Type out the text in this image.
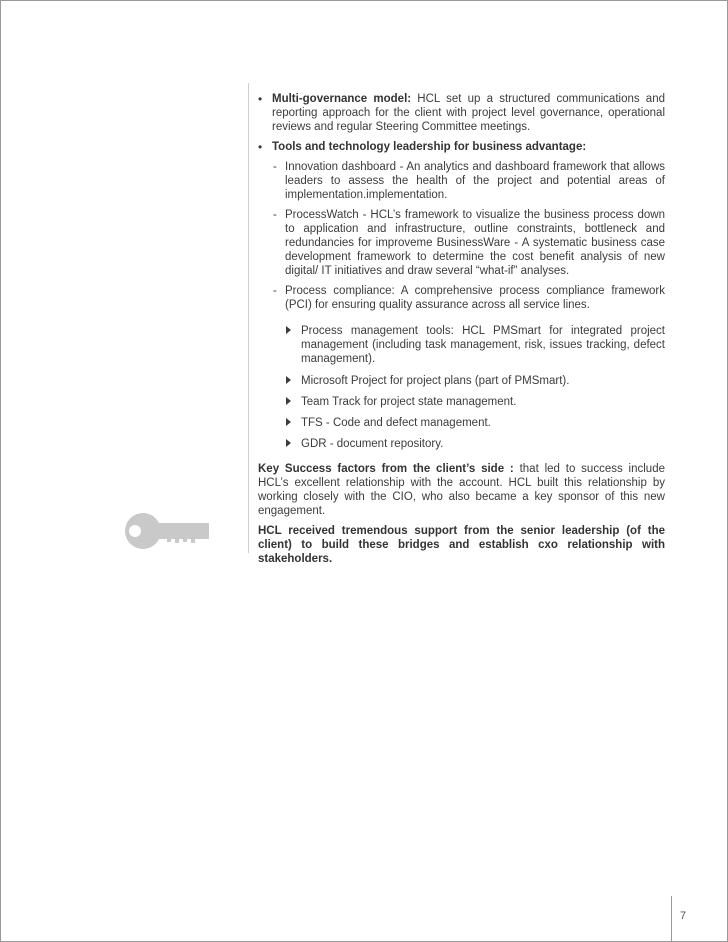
• Multi-governance model: HCL set up a structured communications and reporting approach for the client with project level governance, operational reviews and regular Steering Committee meetings.
• Tools and technology leadership for business advantage:
- Innovation dashboard - An analytics and dashboard framework that allows leaders to assess the health of the project and potential areas of implementation.implementation.
- ProcessWatch - HCL’s framework to visualize the business process down to application and infrastructure, outline constraints, bottleneck and redundancies for improveme BusinessWare - A systematic business case development framework to determine the cost benefit analysis of new digital/ IT initiatives and draw several “what-if” analyses.
- Process compliance: A comprehensive process compliance framework (PCI) for ensuring quality assurance across all service lines.
Process management tools: HCL PMSmart for integrated project management (including task management, risk, issues tracking, defect management).
Microsoft Project for project plans (part of PMSmart).
Team Track for project state management.
TFS - Code and defect management.
GDR - document repository.
Key Success factors from the client’s side : that led to success include HCL’s excellent relationship with the account. HCL built this relationship by working closely with the CIO, who also became a key sponsor of this new engagement.
HCL received tremendous support from the senior leadership (of the client) to build these bridges and establish cxo relationship with stakeholders.
7
